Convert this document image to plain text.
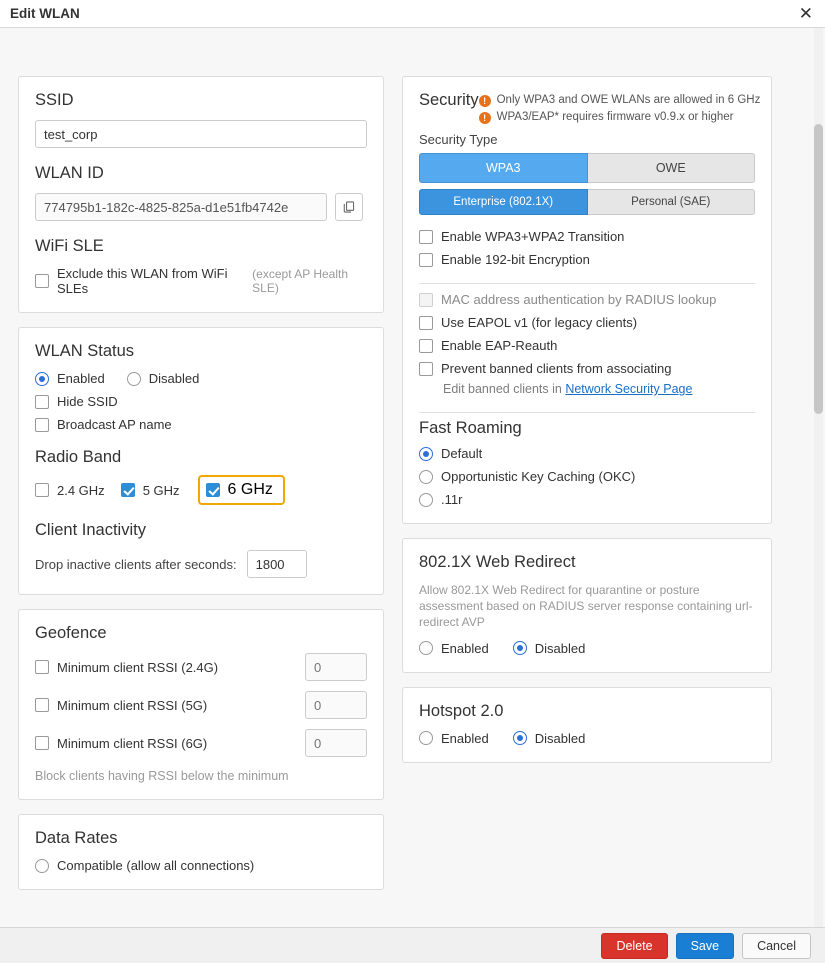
Edit WLAN	✕
SSID
test_corp
WLAN ID
774795b1-182c-4825-825a-d1e51fb4742e
WiFi SLE
Exclude this WLAN from WiFi SLEs
(except AP Health SLE)
WLAN Status
Enabled	Disabled
Hide SSID
Broadcast AP name
Radio Band
2.4 GHz	5 GHz	6 GHz
Client Inactivity
Drop inactive clients after seconds:
1800
Geofence
Minimum client RSSI (2.4G)
0
Minimum client RSSI (5G)
0
Minimum client RSSI (6G)
0
Block clients having RSSI below the minimum
Data Rates
Compatible (allow all connections)
Security ! Only WPA3 and OWE WLANs are allowed in 6 GHz
! WPA3/EAP* requires firmware v0.9.x or higher
Security Type
WPA3	OWE
Enterprise (802.1X)	Personal (SAE)
Enable WPA3+WPA2 Transition
Enable 192-bit Encryption
MAC address authentication by RADIUS lookup
Use EAPOL v1 (for legacy clients)
Enable EAP-Reauth
Prevent banned clients from associating
Edit banned clients in Network Security Page
Fast Roaming
Default
Opportunistic Key Caching (OKC)
.11r
802.1X Web Redirect
Allow 802.1X Web Redirect for quarantine or posture assessment based on RADIUS server response containing url-redirect AVP
Enabled	Disabled
Hotspot 2.0
Enabled	Disabled
Delete	Save	Cancel
